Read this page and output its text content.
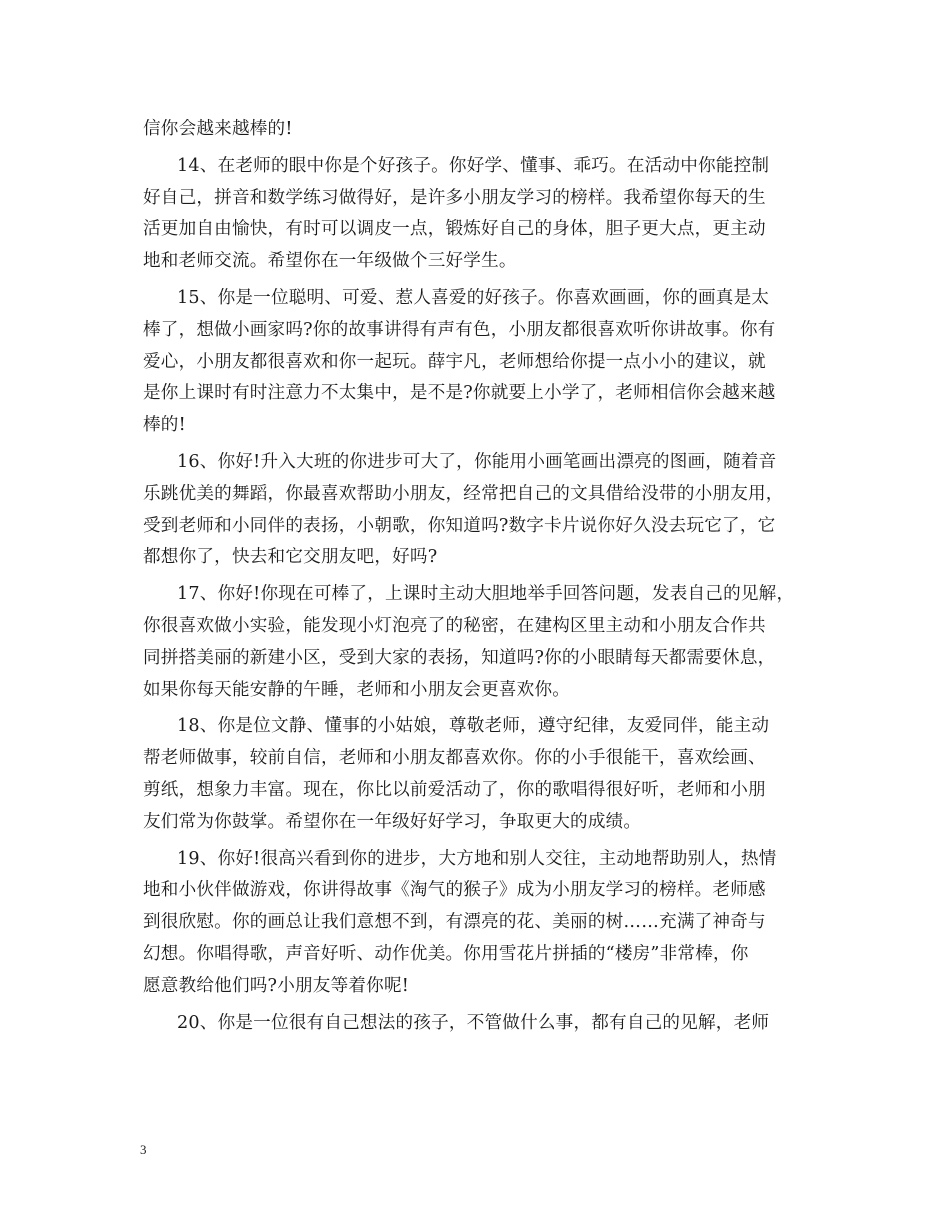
信你会越来越棒的!
14、在老师的眼中你是个好孩子。你好学、懂事、乖巧。在活动中你能控制
好自己，拼音和数学练习做得好，是许多小朋友学习的榜样。我希望你每天的生
活更加自由愉快，有时可以调皮一点，锻炼好自己的身体，胆子更大点，更主动
地和老师交流。希望你在一年级做个三好学生。
15、你是一位聪明、可爱、惹人喜爱的好孩子。你喜欢画画，你的画真是太
棒了，想做小画家吗?你的故事讲得有声有色，小朋友都很喜欢听你讲故事。你有
爱心，小朋友都很喜欢和你一起玩。薛宇凡，老师想给你提一点小小的建议，就
是你上课时有时注意力不太集中，是不是?你就要上小学了，老师相信你会越来越
棒的!
16、你好!升入大班的你进步可大了，你能用小画笔画出漂亮的图画，随着音
乐跳优美的舞蹈，你最喜欢帮助小朋友，经常把自己的文具借给没带的小朋友用，
受到老师和小同伴的表扬，小朝歌，你知道吗?数字卡片说你好久没去玩它了，它
都想你了，快去和它交朋友吧，好吗?
17、你好!你现在可棒了，上课时主动大胆地举手回答问题，发表自己的见解，
你很喜欢做小实验，能发现小灯泡亮了的秘密，在建构区里主动和小朋友合作共
同拼搭美丽的新建小区，受到大家的表扬，知道吗?你的小眼睛每天都需要休息，
如果你每天能安静的午睡，老师和小朋友会更喜欢你。
18、你是位文静、懂事的小姑娘，尊敬老师，遵守纪律，友爱同伴，能主动
帮老师做事，较前自信，老师和小朋友都喜欢你。你的小手很能干，喜欢绘画、
剪纸，想象力丰富。现在，你比以前爱活动了，你的歌唱得很好听，老师和小朋
友们常为你鼓掌。希望你在一年级好好学习，争取更大的成绩。
19、你好!很高兴看到你的进步，大方地和别人交往，主动地帮助别人，热情
地和小伙伴做游戏，你讲得故事《淘气的猴子》成为小朋友学习的榜样。老师感
到很欣慰。你的画总让我们意想不到，有漂亮的花、美丽的树……充满了神奇与
幻想。你唱得歌，声音好听、动作优美。你用雪花片拼插的“楼房”非常棒，你
愿意教给他们吗?小朋友等着你呢!
20、你是一位很有自己想法的孩子，不管做什么事，都有自己的见解，老师
3
